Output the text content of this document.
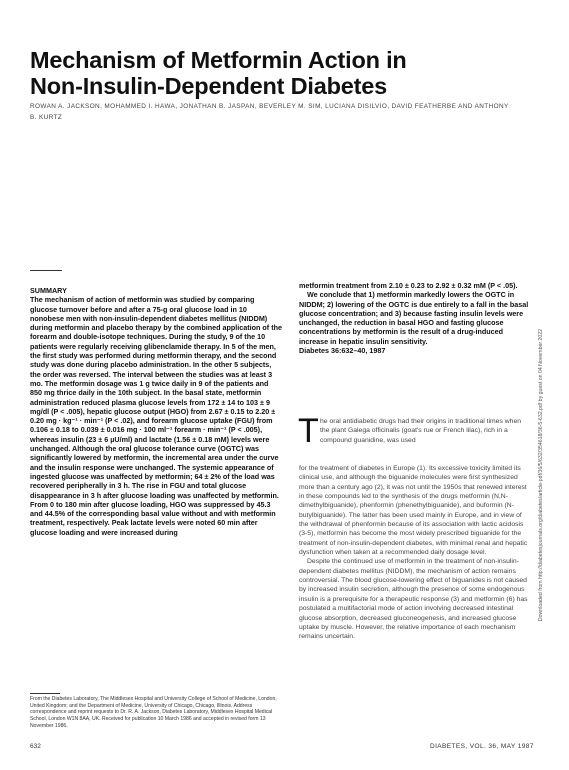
Mechanism of Metformin Action in
Non-Insulin-Dependent Diabetes
ROWAN A. JACKSON, MOHAMMED I. HAWA, JONATHAN B. JASPAN, BEVERLEY M. SIM, LUCIANA DISILVIO, DAVID FEATHERBE AND ANTHONY B. KURTZ
Downloaded from http://diabetesjournals.org/diabetes/article-pdf/36/5/632/354618/36-5-632.pdf by guest on 04 November 2022

SUMMARY

The mechanism of action of metformin was studied by comparing glucose turnover before and after a 75-g oral glucose load in 10 nonobese men with non-insulin-dependent diabetes mellitus (NIDDM) during metformin and placebo therapy by the combined application of the forearm and double-isotope techniques. During the study, 9 of the 10 patients were regularly receiving glibenclamide therapy. In 5 of the men, the first study was performed during metformin therapy, and the second study was done during placebo administration. In the other 5 subjects, the order was reversed. The interval between the studies was at least 3 mo. The metformin dosage was 1 g twice daily in 9 of the patients and 850 mg thrice daily in the 10th subject. In the basal state, metformin administration reduced plasma glucose levels from 172 ± 14 to 103 ± 9 mg/dl (P < .005), hepatic glucose output (HGO) from 2.67 ± 0.15 to 2.20 ± 0.20 mg · kg⁻¹ · min⁻¹ (P < .02), and forearm glucose uptake (FGU) from 0.106 ± 0.18 to 0.039 ± 0.016 mg · 100 ml⁻¹ forearm · min⁻¹ (P < .005), whereas insulin (23 ± 6 µU/ml) and lactate (1.56 ± 0.18 mM) levels were unchanged. Although the oral glucose tolerance curve (OGTC) was significantly lowered by metformin, the incremental area under the curve and the insulin response were unchanged. The systemic appearance of ingested glucose was unaffected by metformin; 64 ± 2% of the load was recovered peripherally in 3 h. The rise in FGU and total glucose disappearance in 3 h after glucose loading was unaffected by metformin. From 0 to 180 min after glucose loading, HGO was suppressed by 45.3 and 44.5% of the corresponding basal value without and with metformin treatment, respectively. Peak lactate levels were noted 60 min after glucose loading and were increased during

From the Diabetes Laboratory, The Middlesex Hospital and University College of School of Medicine, London, United Kingdom; and the Department of Medicine, University of Chicago, Chicago, Illinois. Address correspondence and reprint requests to Dr. R. A. Jackson, Diabetes Laboratory, Middlesex Hospital Medical School, London W1N 8AA, UK. Received for publication 10 March 1986 and accepted in revised form 13 November 1986.

metformin treatment from 2.10 ± 0.23 to 2.92 ± 0.32 mM (P < .05).

We conclude that 1) metformin markedly lowers the OGTC in NIDDM; 2) lowering of the OGTC is due entirely to a fall in the basal glucose concentration; and 3) because fasting insulin levels were unchanged, the reduction in basal HGO and fasting glucose concentrations by metformin is the result of a drug-induced increase in hepatic insulin sensitivity.

Diabetes 36:632–40, 1987

T he oral antidiabetic drugs had their origins in traditional times when the plant Galega officinalis (goat's rue or French lilac), rich in a compound guanidine, was used

for the treatment of diabetes in Europe (1). Its excessive toxicity limited its clinical use, and although the biguanide molecules were first synthesized more than a century ago (2), it was not until the 1950s that renewed interest in these compounds led to the synthesis of the drugs metformin (N,N-dimethylbiguanide), phenformin (phenethylbiguanide), and buformin (N-butylbiguanide). The latter has been used mainly in Europe, and in view of the withdrawal of phenformin because of its association with lactic acidosis (3-5), metformin has become the most widely prescribed biguanide for the treatment of non-insulin-dependent diabetes, with minimal renal and hepatic dysfunction when taken at a recommended daily dosage level.

Despite the continued use of metformin in the treatment of non-insulin-dependent diabetes mellitus (NIDDM), the mechanism of action remains controversial. The blood glucose-lowering effect of biguanides is not caused by increased insulin secretion, although the presence of some endogenous insulin is a prerequisite for a therapeutic response (3) and metformin (6) has postulated a multifactorial mode of action involving decreased intestinal glucose absorption, decreased gluconeogenesis, and increased glucose uptake by muscle. However, the relative importance of each mechanism remains uncertain.

632	DIABETES, VOL. 36, MAY 1987
